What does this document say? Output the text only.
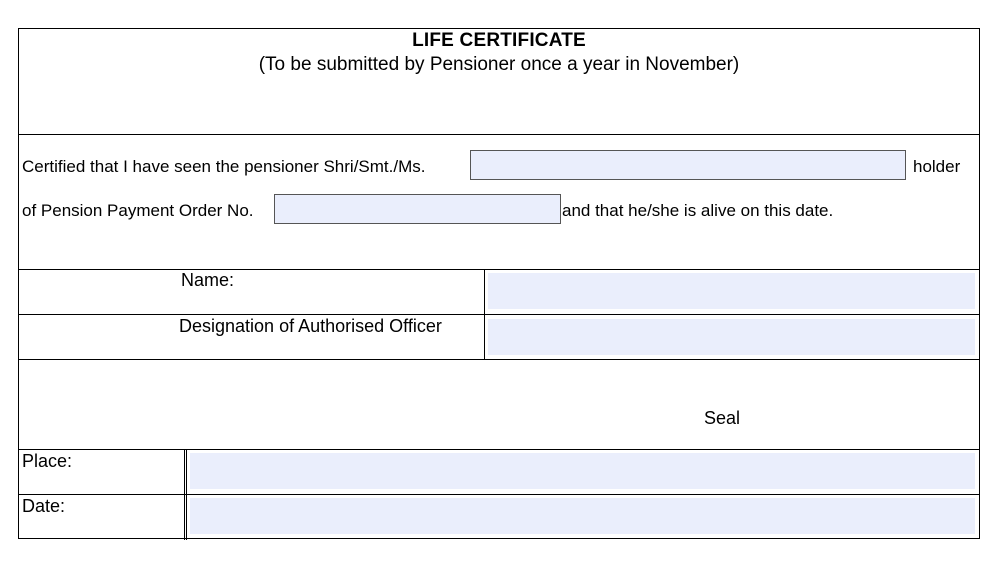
LIFE CERTIFICATE
(To be submitted by Pensioner once a year in November)
Certified that I have seen the pensioner Shri/Smt./Ms.	holder
of Pension Payment Order No.	and that he/she is alive on this date.
Name:
Designation of Authorised Officer
Seal
Place:
Date:
